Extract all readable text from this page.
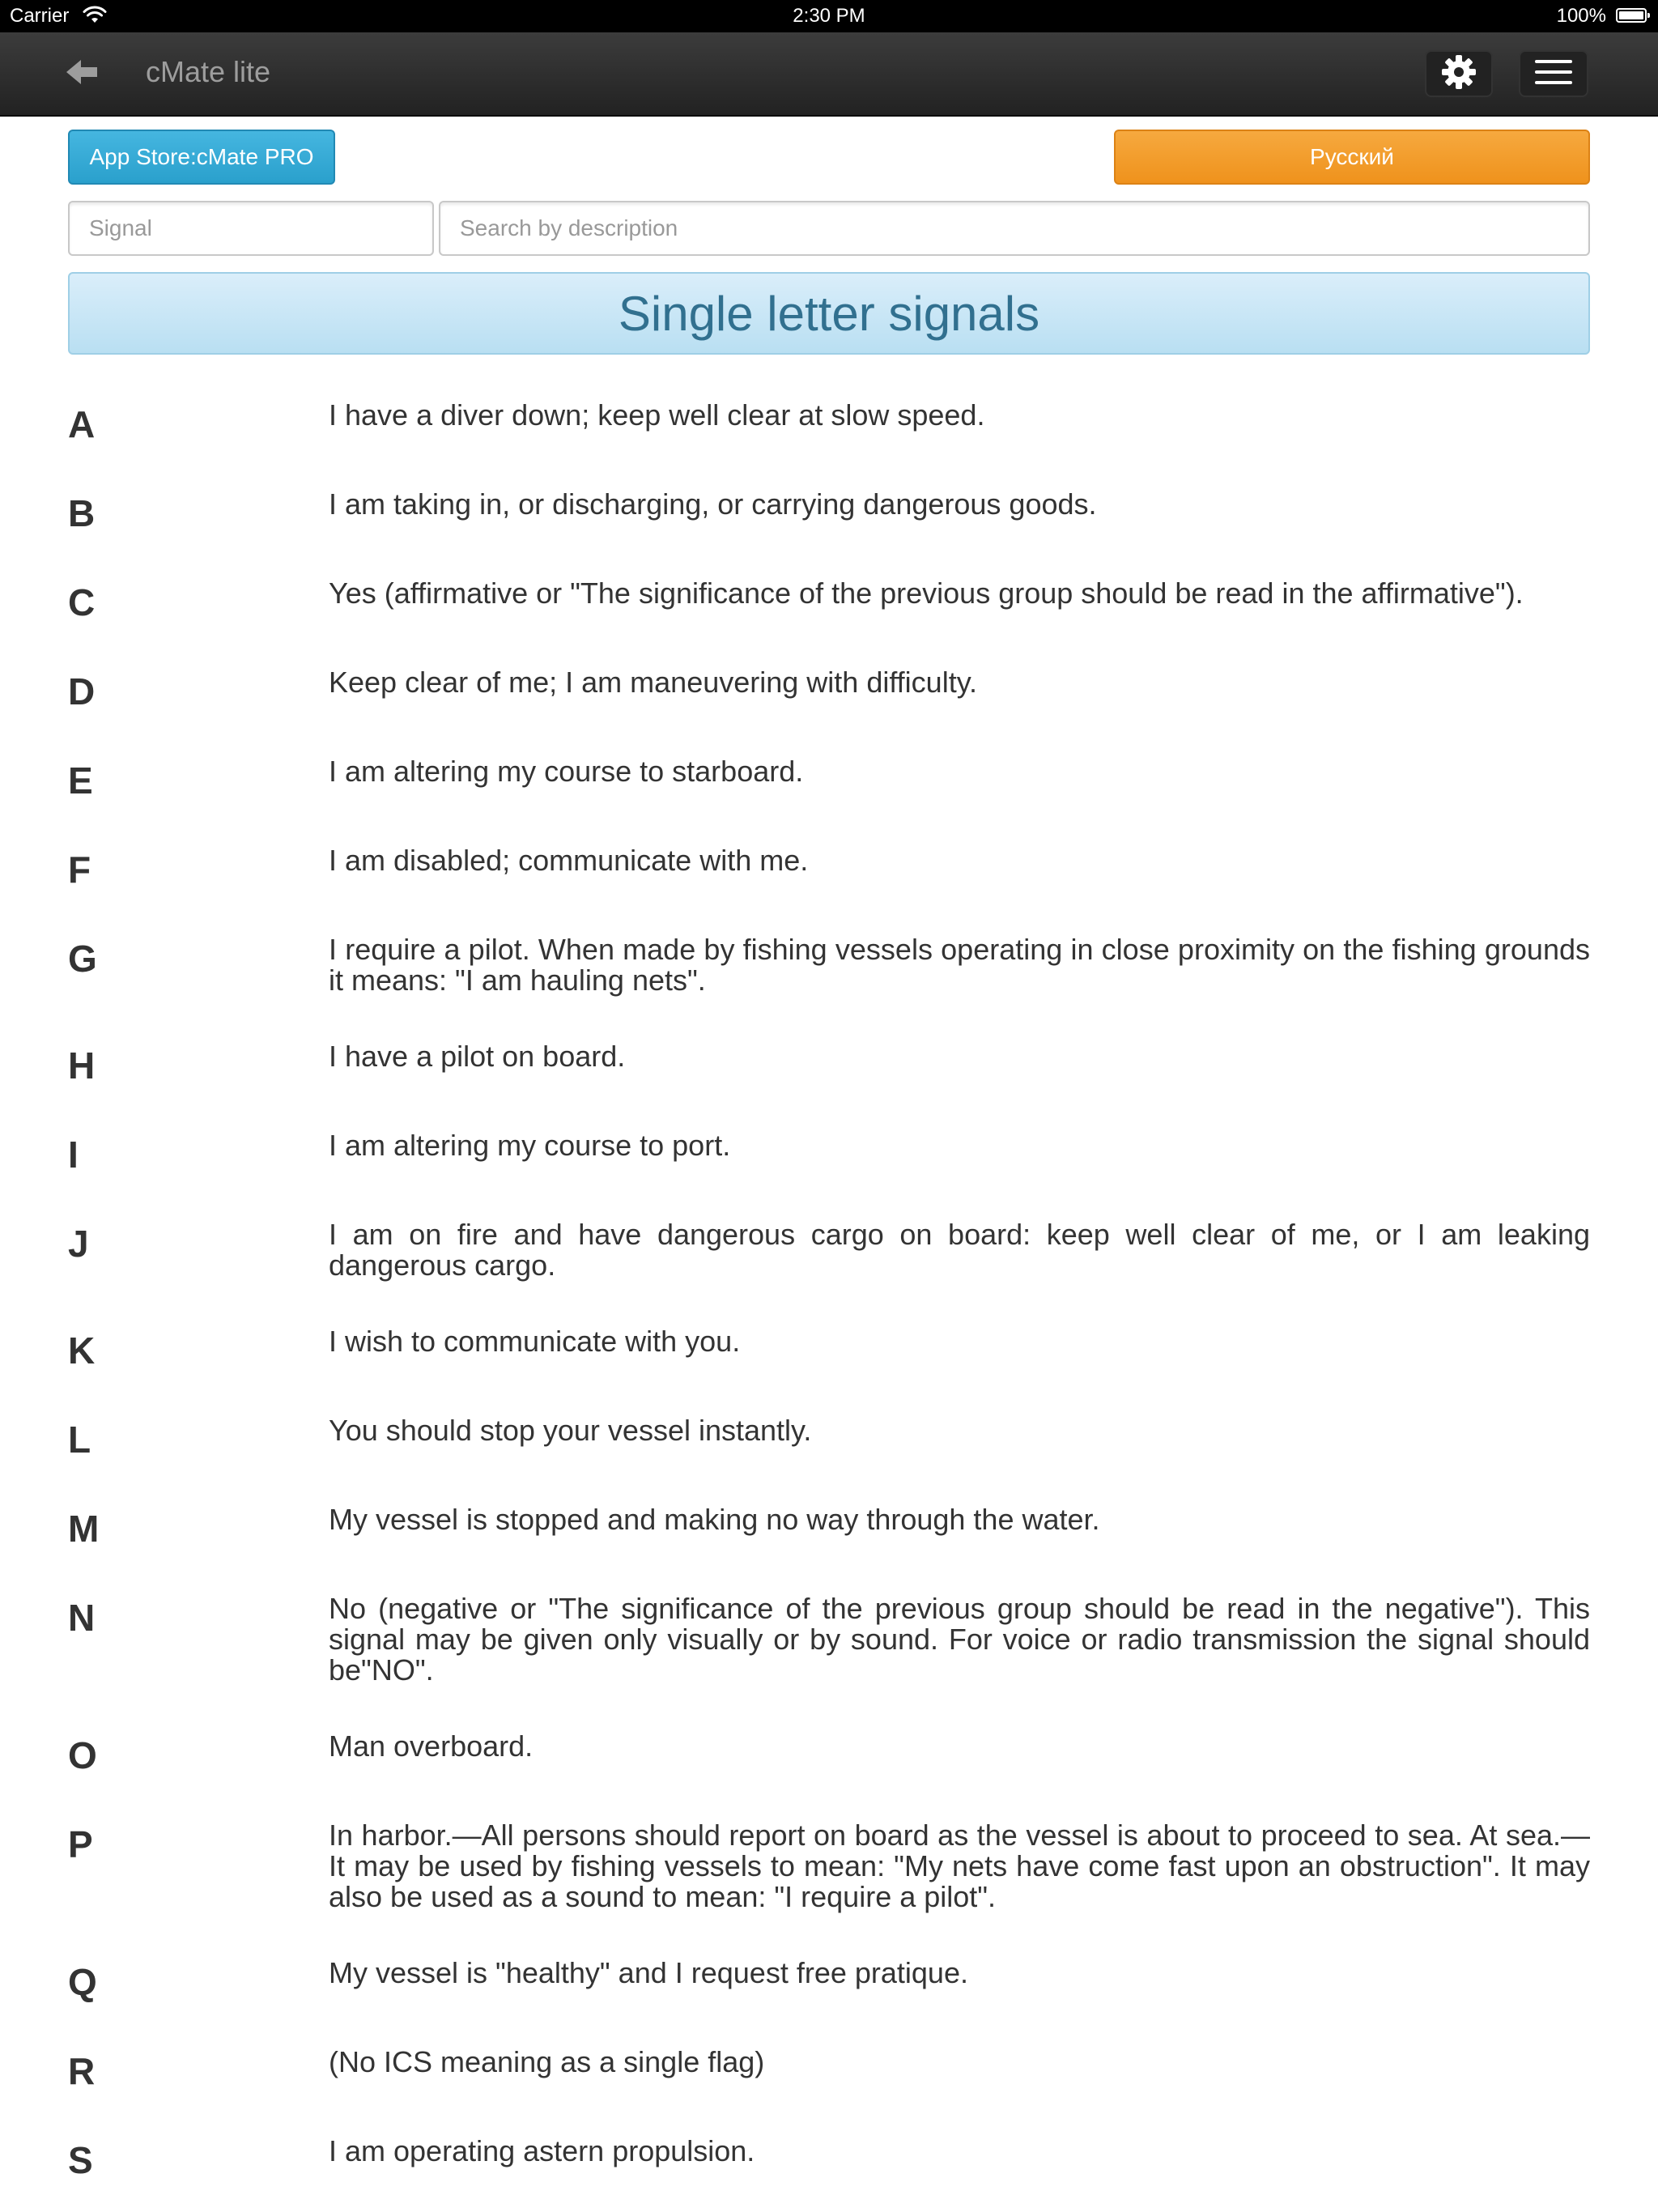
Carrier	2:30 PM	100%
cMate lite
App Store:cMate PRO	Русский
Signal
Search by description
Single letter signals
A	I have a diver down; keep well clear at slow speed.
B	I am taking in, or discharging, or carrying dangerous goods.
C	Yes (affirmative or "The significance of the previous group should be read in the affirmative").
D	Keep clear of me; I am maneuvering with difficulty.
E	I am altering my course to starboard.
F	I am disabled; communicate with me.
G	I require a pilot. When made by fishing vessels operating in close proximity on the fishing grounds it means: "I am hauling nets".
H	I have a pilot on board.
I	I am altering my course to port.
J	I am on fire and have dangerous cargo on board: keep well clear of me, or I am leaking dangerous cargo.
K	I wish to communicate with you.
L	You should stop your vessel instantly.
M	My vessel is stopped and making no way through the water.
N	No (negative or "The significance of the previous group should be read in the negative"). This signal may be given only visually or by sound. For voice or radio transmission the signal should be"NO".
O	Man overboard.
P	In harbor.—All persons should report on board as the vessel is about to proceed to sea. At sea.—It may be used by fishing vessels to mean: "My nets have come fast upon an obstruction". It may also be used as a sound to mean: "I require a pilot".
Q	My vessel is "healthy" and I request free pratique.
R	(No ICS meaning as a single flag)
S	I am operating astern propulsion.
